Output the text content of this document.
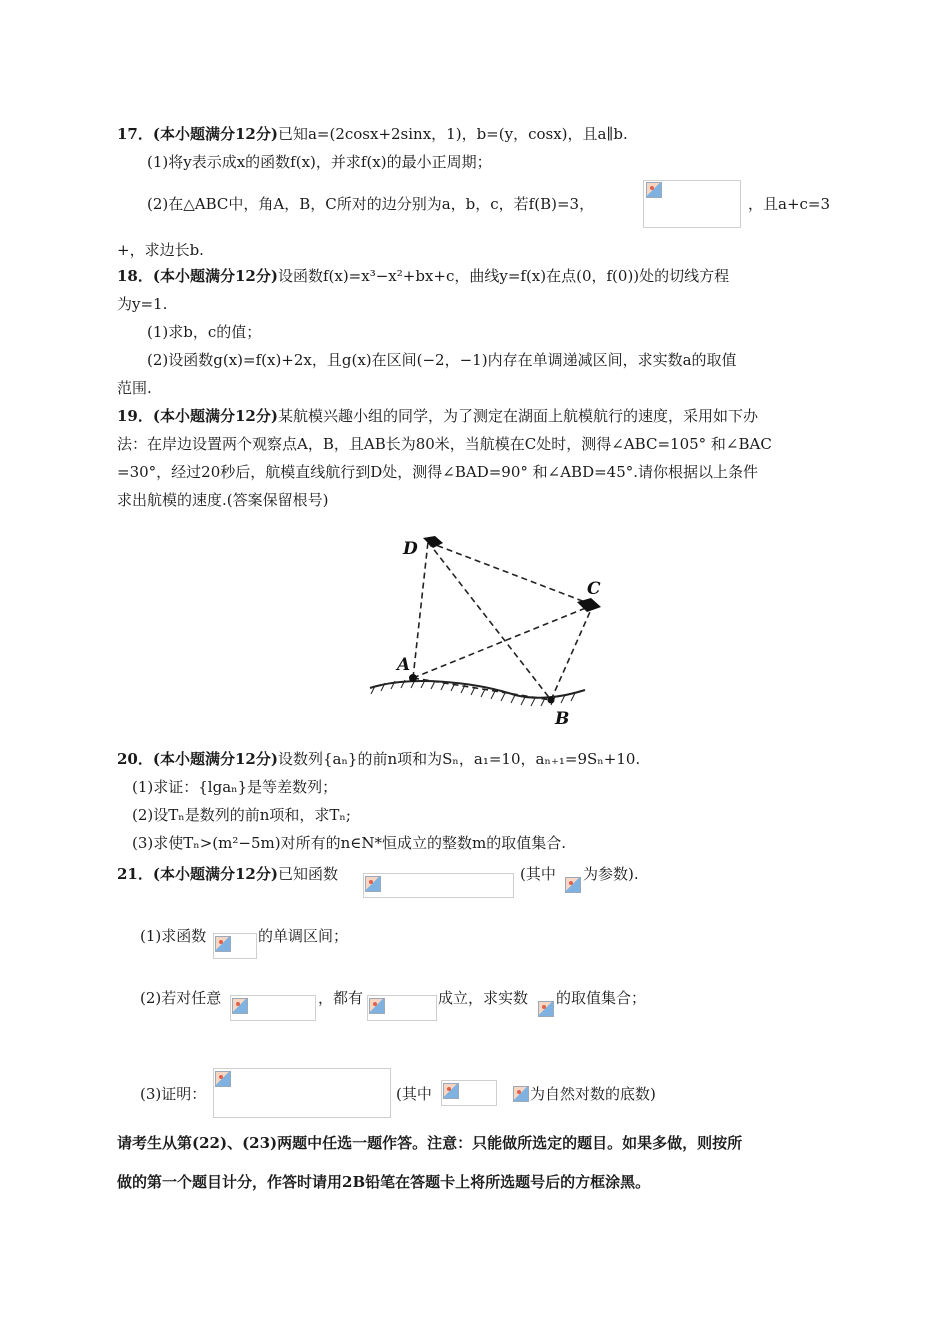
17．(本小题满分12分)已知a=(2cosx+2sinx，1)，b=(y，cosx)，且a∥b.
(1)将y表示成x的函数f(x)，并求f(x)的最小正周期；
(2)在△ABC中，角A，B，C所对的边分别为a，b，c，若f(B)=3，	，且a+c=3
+，求边长b.
18．(本小题满分12分)设函数f(x)=x³−x²+bx+c，曲线y=f(x)在点(0，f(0))处的切线方程
为y=1.
(1)求b，c的值；
(2)设函数g(x)=f(x)+2x，且g(x)在区间(−2，−1)内存在单调递减区间，求实数a的取值
范围.
19．(本小题满分12分)某航模兴趣小组的同学，为了测定在湖面上航模航行的速度，采用如下办
法：在岸边设置两个观察点A，B，且AB长为80米，当航模在C处时，测得∠ABC=105° 和∠BAC
=30°，经过20秒后，航模直线航行到D处，测得∠BAD=90° 和∠ABD=45°.请你根据以上条件
求出航模的速度.(答案保留根号)
D
C
A
B
20．(本小题满分12分)设数列{aₙ}的前n项和为Sₙ，a₁=10，aₙ₊₁=9Sₙ+10.
(1)求证：{lgaₙ}是等差数列；
(2)设Tₙ是数列的前n项和，求Tₙ;
(3)求使Tₙ>(m²−5m)对所有的n∈N*恒成立的整数m的取值集合.
21．(本小题满分12分)已知函数	(其中 为参数).
(1)求函数	的单调区间；
(2)若对任意	，都有	成立，求实数 的取值集合；
(3)证明：	(其中	为自然对数的底数)
请考生从第(22)、(23)两题中任选一题作答。注意：只能做所选定的题目。如果多做，则按所
做的第一个题目计分，作答时请用2B铅笔在答题卡上将所选题号后的方框涂黑。
